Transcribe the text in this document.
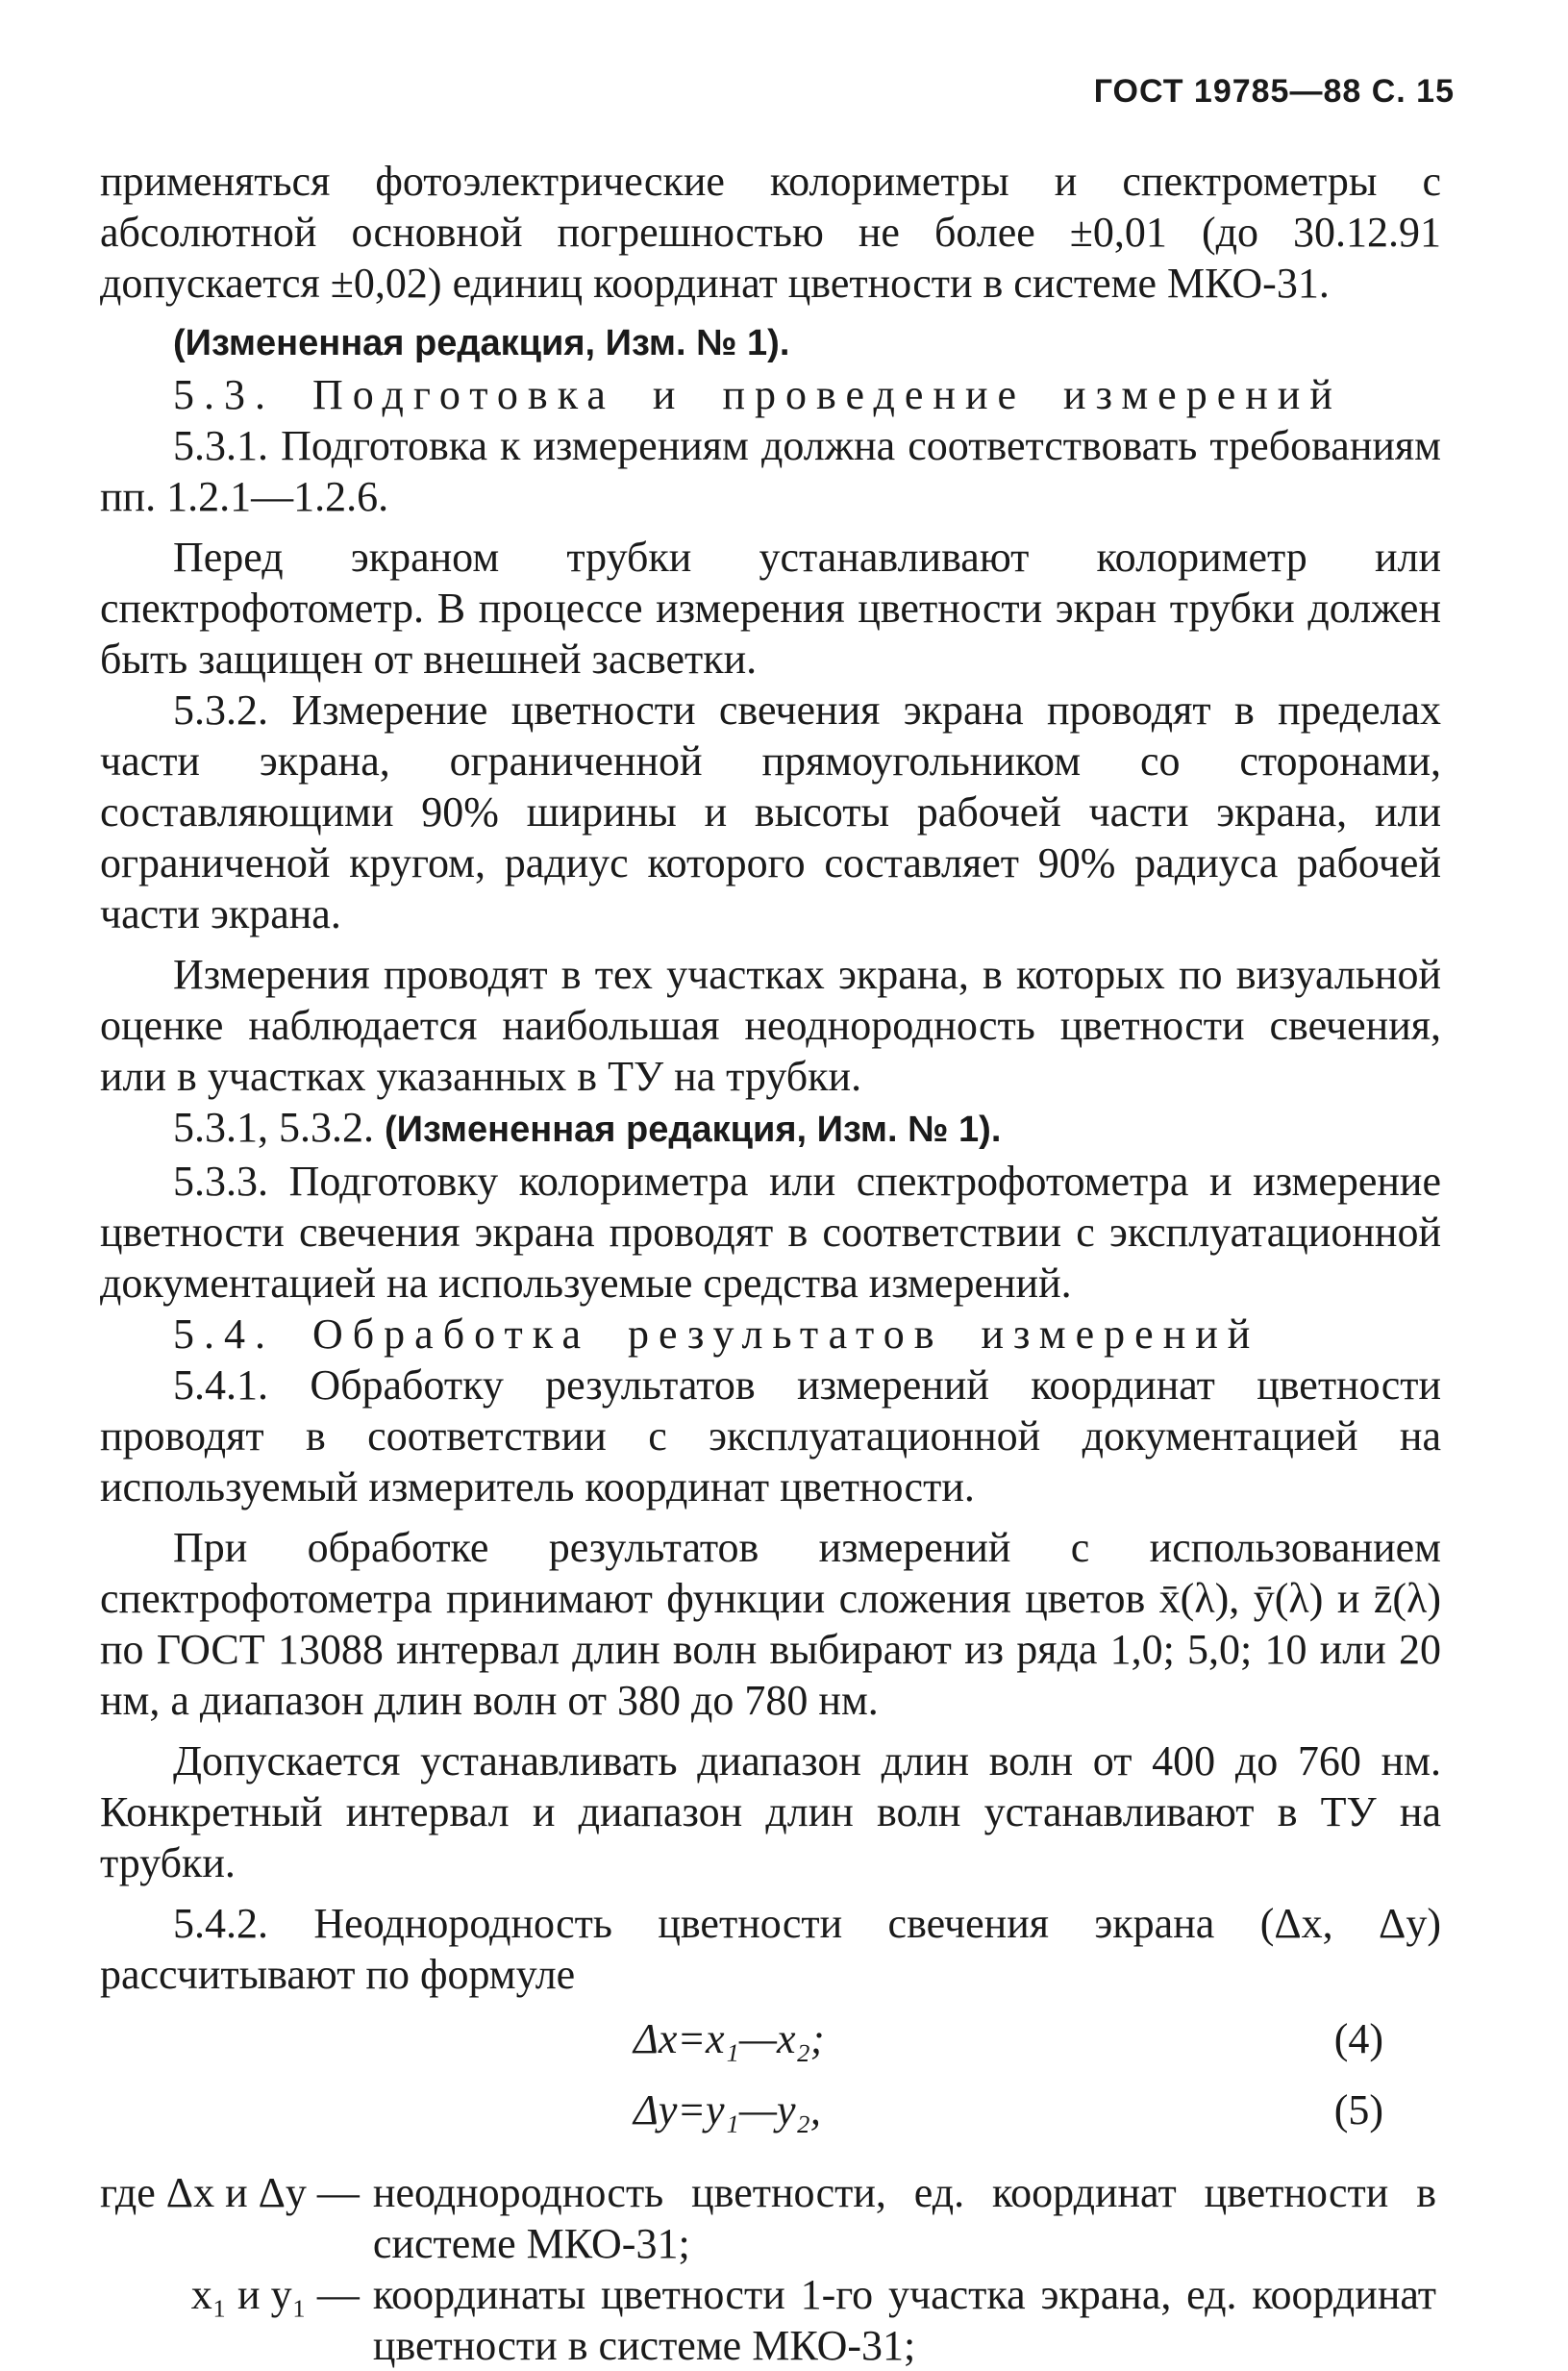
ГОСТ 19785—88 С. 15

применяться фотоэлектрические колориметры и спектрометры с абсолютной основной погрешностью не более ±0,01 (до 30.12.91 допускается ±0,02) единиц координат цветности в системе МКО-31.

(Измененная редакция, Изм. № 1).

5.3. Подготовка и проведение измерений

5.3.1. Подготовка к измерениям должна соответствовать требованиям пп. 1.2.1—1.2.6.

Перед экраном трубки устанавливают колориметр или спектрофотометр. В процессе измерения цветности экран трубки должен быть защищен от внешней засветки.

5.3.2. Измерение цветности свечения экрана проводят в пределах части экрана, ограниченной прямоугольником со сторонами, составляющими 90% ширины и высоты рабочей части экрана, или ограниченой кругом, радиус которого составляет 90% радиуса рабочей части экрана.

Измерения проводят в тех участках экрана, в которых по визуальной оценке наблюдается наибольшая неоднородность цветности свечения, или в участках указанных в ТУ на трубки.

5.3.1, 5.3.2. (Измененная редакция, Изм. № 1).

5.3.3. Подготовку колориметра или спектрофотометра и измерение цветности свечения экрана проводят в соответствии с эксплуатационной документацией на используемые средства измерений.

5.4. Обработка результатов измерений

5.4.1. Обработку результатов измерений координат цветности проводят в соответствии с эксплуатационной документацией на используемый измеритель координат цветности.

При обработке результатов измерений с использованием спектрофотометра принимают функции сложения цветов x̄(λ), ȳ(λ) и z̄(λ) по ГОСТ 13088 интервал длин волн выбирают из ряда 1,0; 5,0; 10 или 20 нм, а диапазон длин волн от 380 до 780 нм.

Допускается устанавливать диапазон длин волн от 400 до 760 нм. Конкретный интервал и диапазон длин волн устанавливают в ТУ на трубки.

5.4.2. Неоднородность цветности свечения экрана (Δx, Δy) рассчитывают по формуле

Δx=x₁—x₂;	(4)
Δy=y₁—y₂,	(5)
где Δx и Δy — неоднородность цветности, ед. координат цветности в системе МКО-31;
x₁ и y₁ — координаты цветности 1-го участка экрана, ед. координат цветности в системе МКО-31;
